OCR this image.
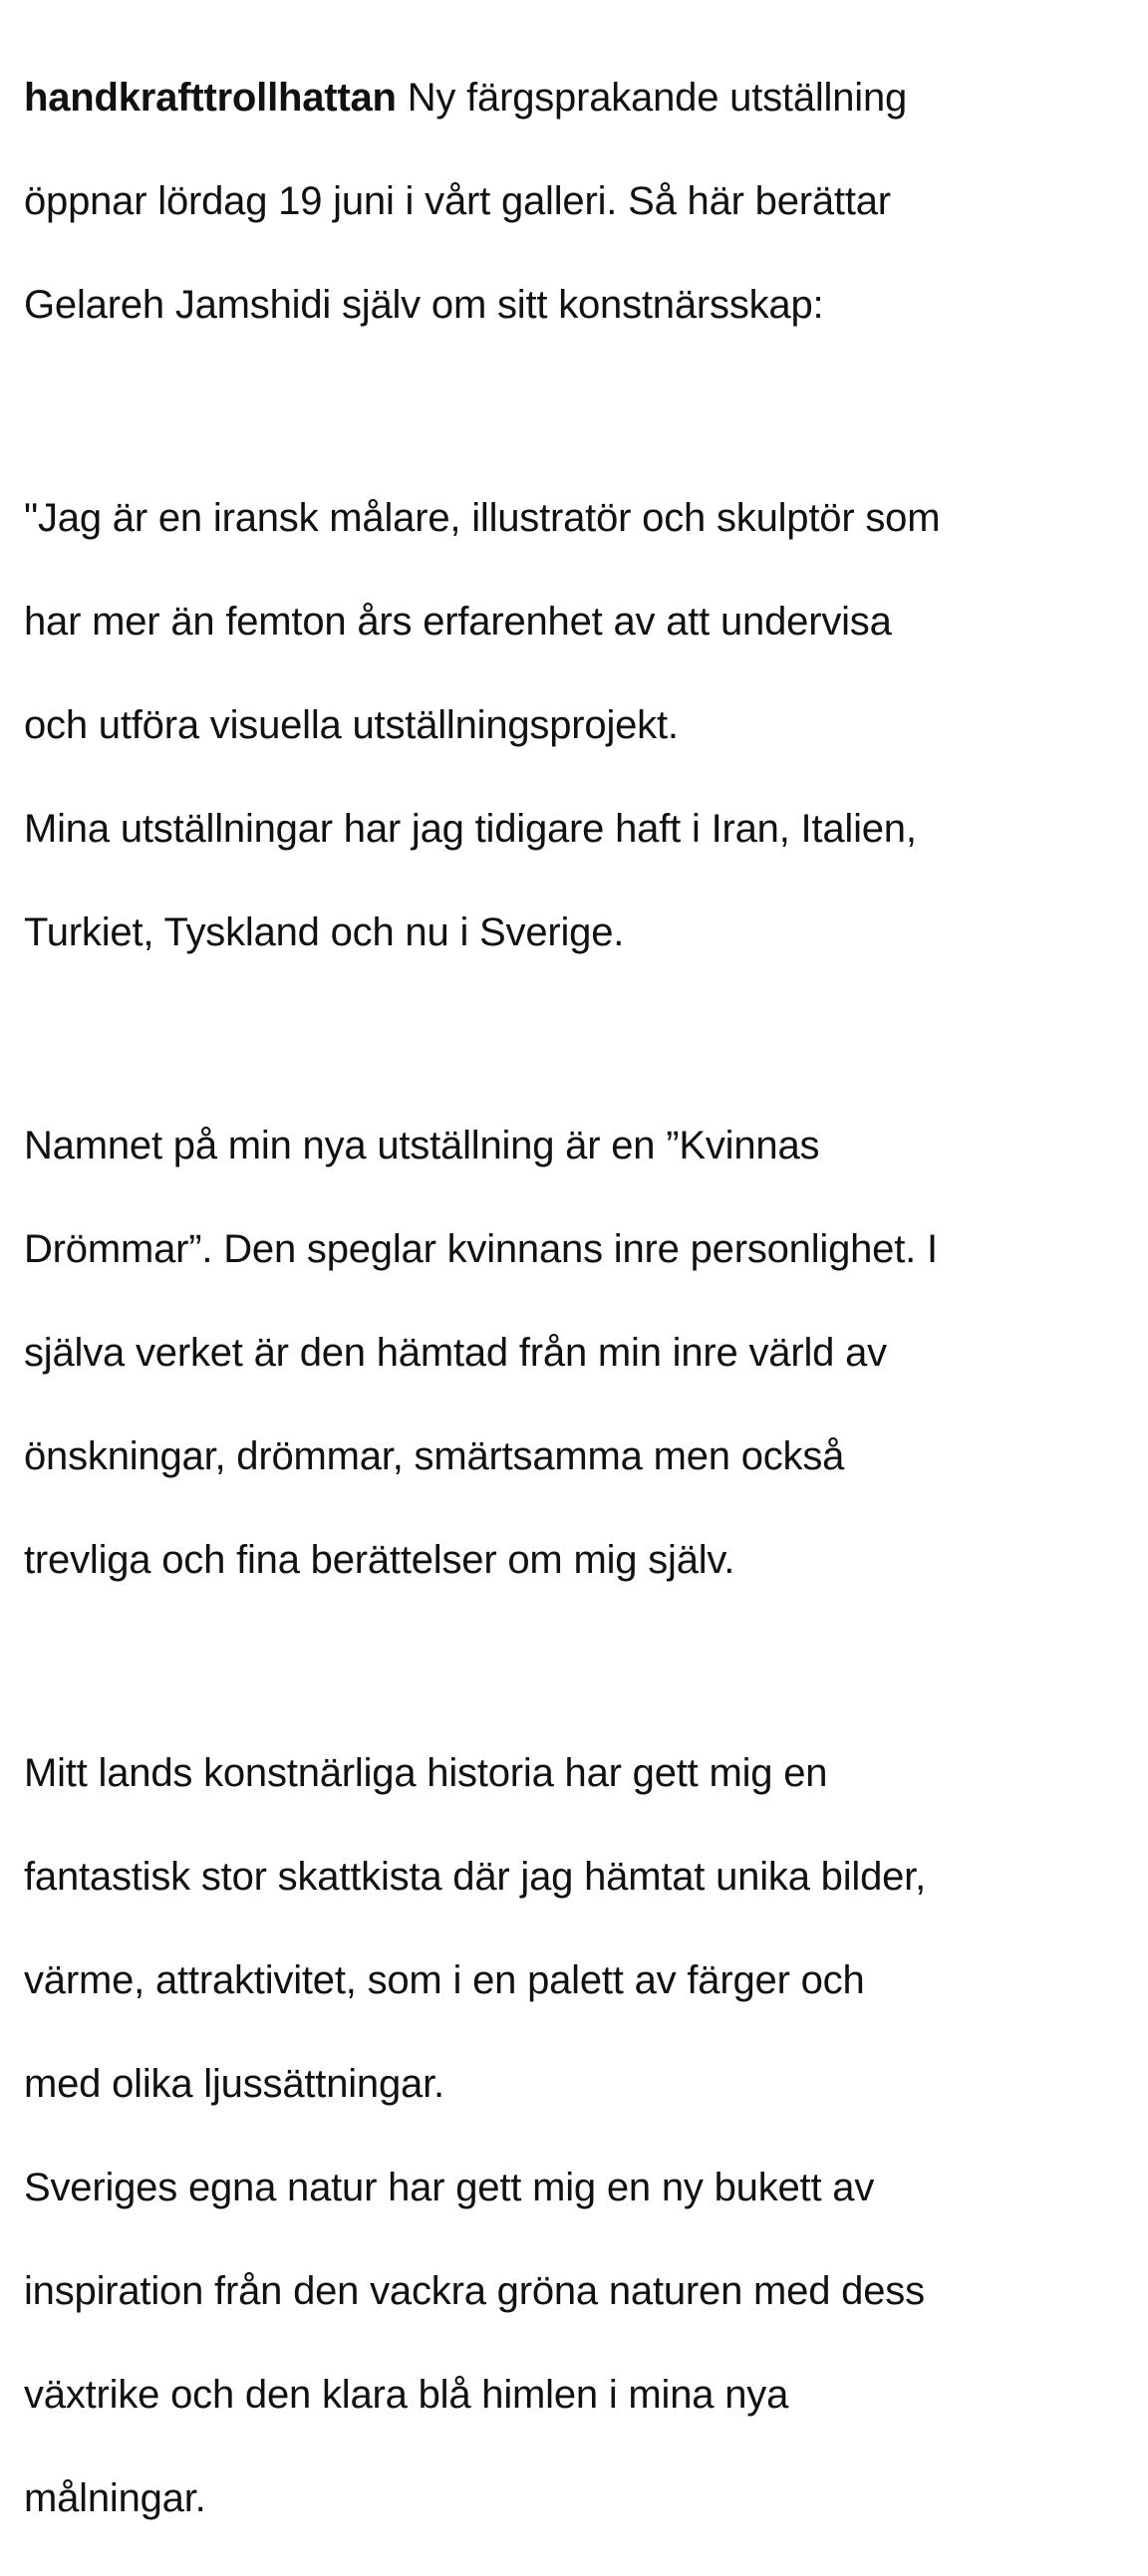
handkrafttrollhattan Ny färgsprakande utställning

öppnar lördag 19 juni i vårt galleri. Så här berättar

Gelareh Jamshidi själv om sitt konstnärsskap:

"Jag är en iransk målare, illustratör och skulptör som

har mer än femton års erfarenhet av att undervisa

och utföra visuella utställningsprojekt.

Mina utställningar har jag tidigare haft i Iran, Italien,

Turkiet, Tyskland och nu i Sverige.

Namnet på min nya utställning är en ”Kvinnas

Drömmar”. Den speglar kvinnans inre personlighet. I

själva verket är den hämtad från min inre värld av

önskningar, drömmar, smärtsamma men också

trevliga och fina berättelser om mig själv.

Mitt lands konstnärliga historia har gett mig en

fantastisk stor skattkista där jag hämtat unika bilder,

värme, attraktivitet, som i en palett av färger och

med olika ljussättningar.

Sveriges egna natur har gett mig en ny bukett av

inspiration från den vackra gröna naturen med dess

växtrike och den klara blå himlen i mina nya

målningar.
